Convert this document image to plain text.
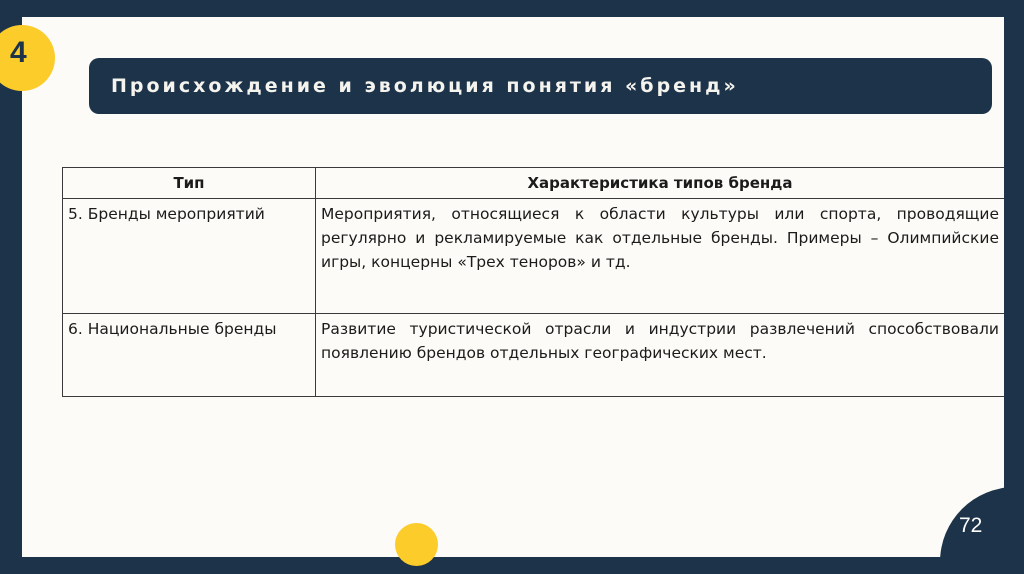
Происхождение и эволюция понятия «бренд»
Тип	Характеристика типов бренда
5. Бренды мероприятий	Мероприятия, относящиеся к области культуры или спорта, проводящие регулярно и рекламируемые как отдельные бренды. Примеры – Олимпийские игры, концерны «Трех теноров» и тд.
6. Национальные бренды	Развитие туристической отрасли и индустрии развлечений способствовали появлению брендов отдельных географических мест.
4
72
